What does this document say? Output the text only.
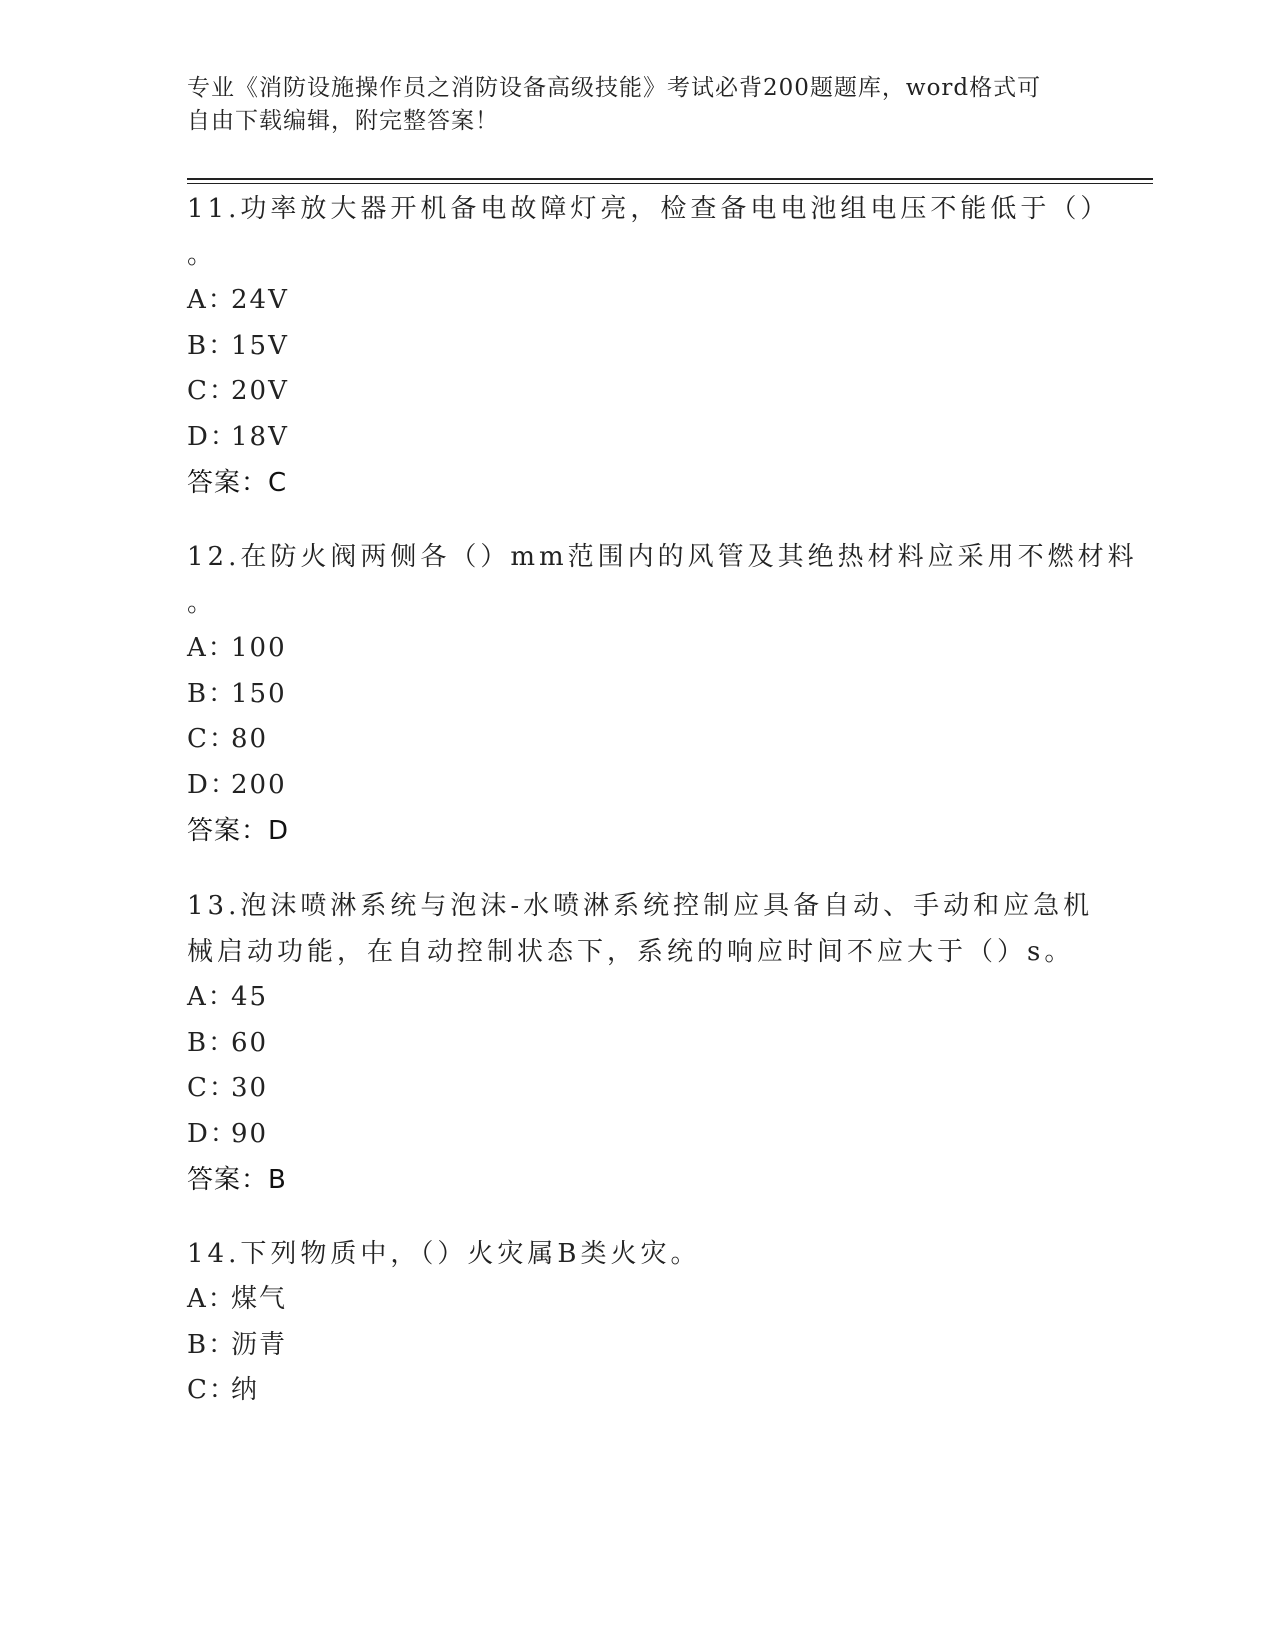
专业《消防设施操作员之消防设备高级技能》考试必背200题题库，word格式可
自由下载编辑，附完整答案！
11.功率放大器开机备电故障灯亮，检查备电电池组电压不能低于（）
。
A：24V
B：15V
C：20V
D：18V
答案：C
12.在防火阀两侧各（）mm范围内的风管及其绝热材料应采用不燃材料
。
A：100
B：150
C：80
D：200
答案：D
13.泡沫喷淋系统与泡沫-水喷淋系统控制应具备自动、手动和应急机
械启动功能，在自动控制状态下，系统的响应时间不应大于（）s。
A：45
B：60
C：30
D：90
答案：B
14.下列物质中，（）火灾属B类火灾。
A：煤气
B：沥青
C：纳
